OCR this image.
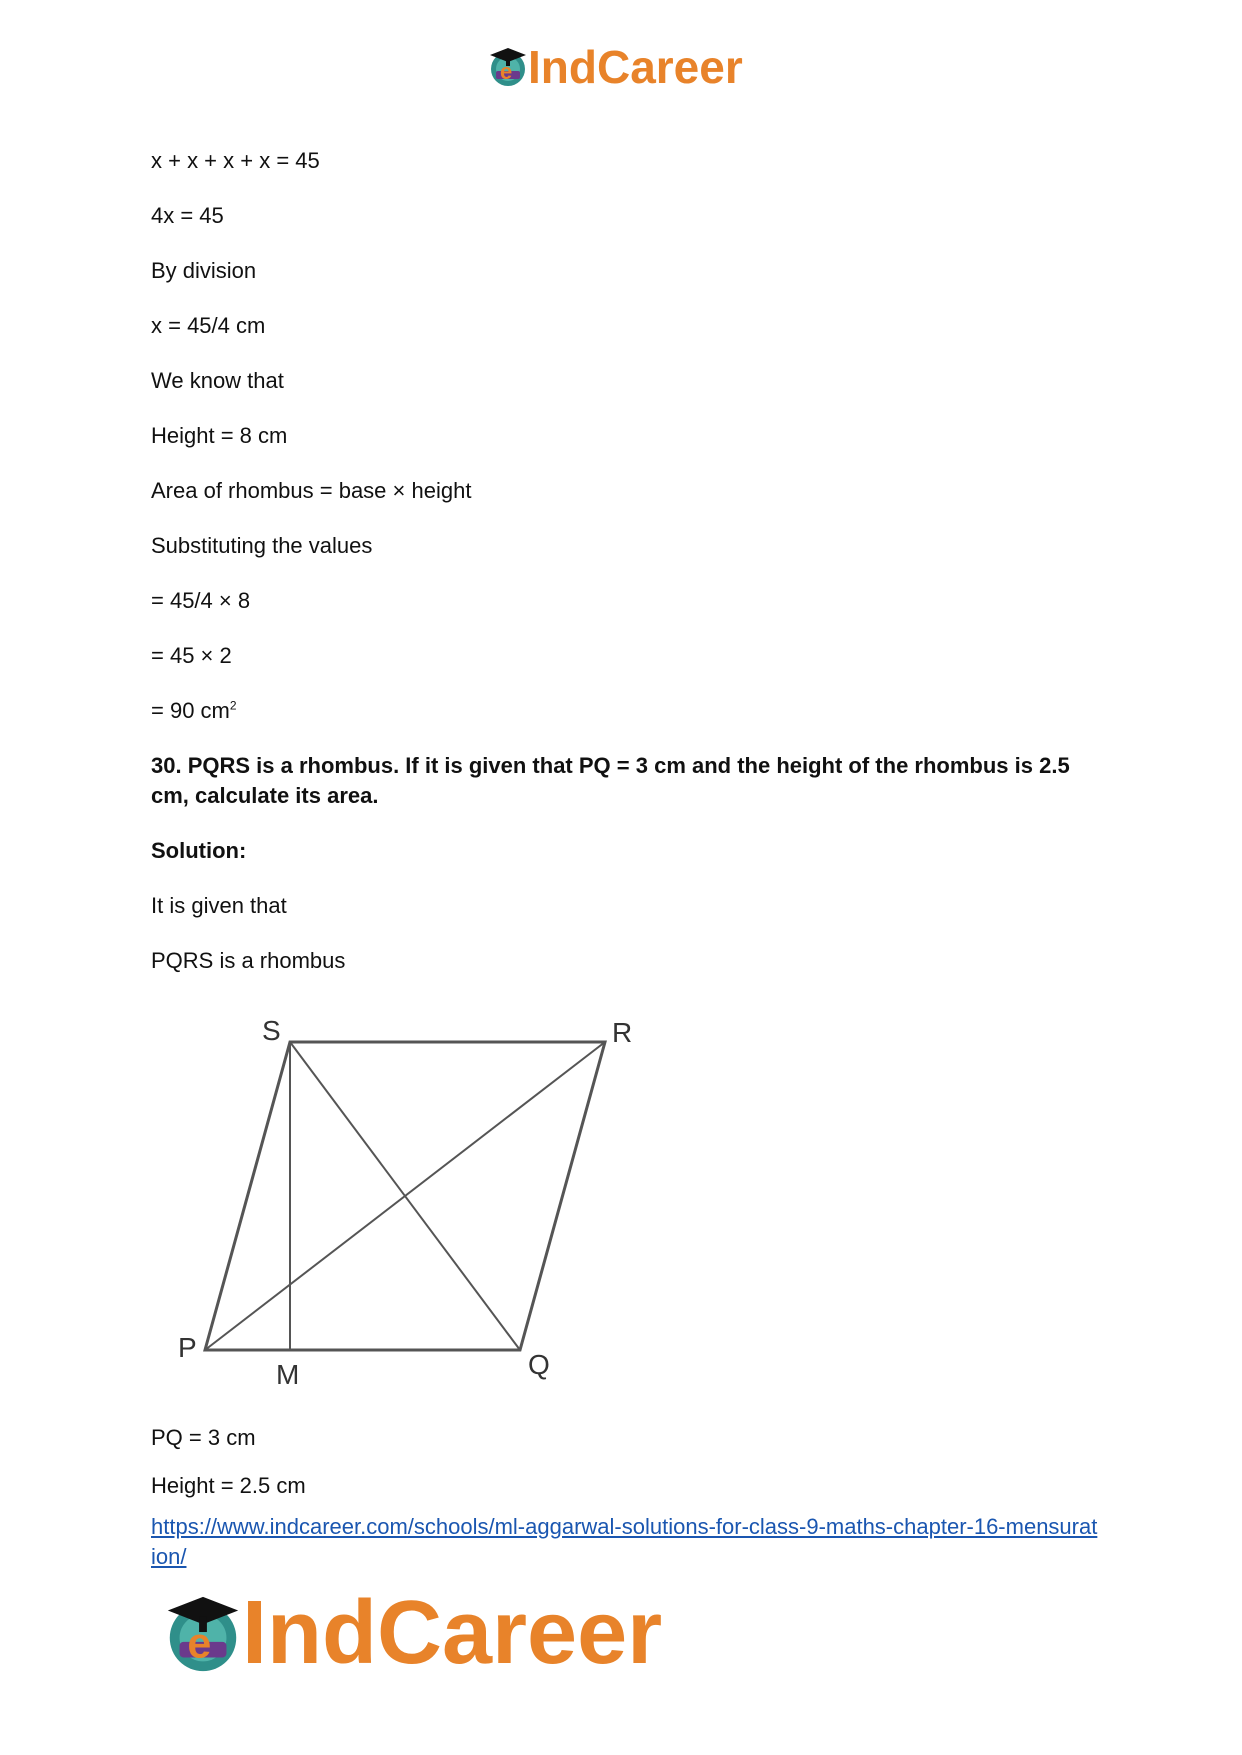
e IndCareer

x + x + x + x = 45

4x = 45

By division

x = 45/4 cm

We know that

Height = 8 cm

Area of rhombus = base × height

Substituting the values

= 45/4 × 8

= 45 × 2

= 90 $cm^2$

30. PQRS is a rhombus. If it is given that PQ = 3 cm and the height of the rhombus is 2.5 cm, calculate its area.

Solution:

It is given that

PQRS is a rhombus

S	R
P
Q
M

PQ = 3 cm

Height = 2.5 cm

https://www.indcareer.com/schools/ml-aggarwal-solutions-for-class-9-maths-chapter-16-mensuration/
e IndCareer
